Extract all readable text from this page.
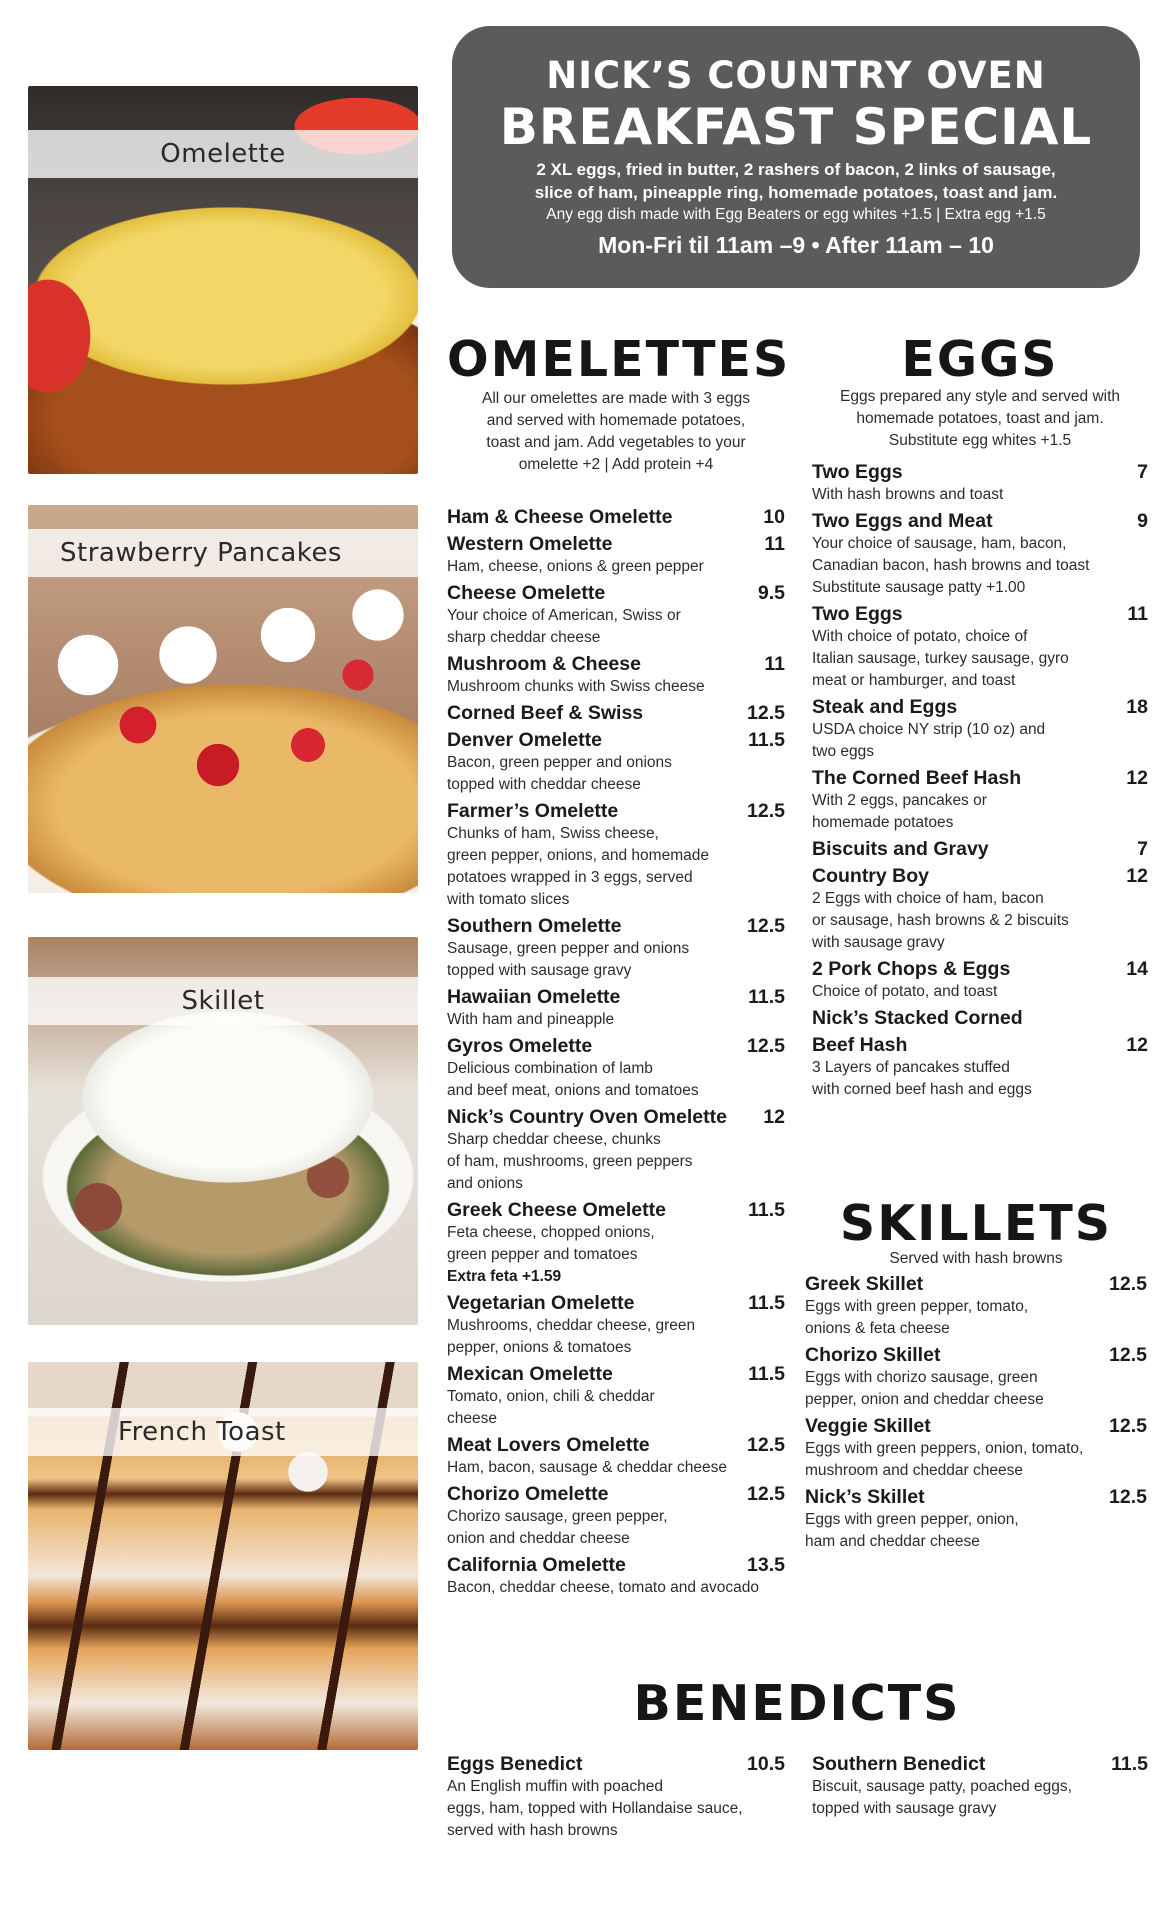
Omelette
Strawberry Pancakes
Skillet
French Toast
NICK’S COUNTRY OVEN
BREAKFAST SPECIAL
2 XL eggs, fried in butter, 2 rashers of bacon, 2 links of sausage,
slice of ham, pineapple ring, homemade potatoes, toast and jam.
Any egg dish made with Egg Beaters or egg whites +1.5 | Extra egg +1.5
Mon-Fri til 11am –9 • After 11am – 10
OMELETTES
All our omelettes are made with 3 eggs
and served with homemade potatoes,
toast and jam. Add vegetables to your
omelette +2 | Add protein +4
Ham & Cheese Omelette	10
Western Omelette	11
Ham, cheese, onions & green pepper
Cheese Omelette	9.5
Your choice of American, Swiss or
sharp cheddar cheese
Mushroom & Cheese	11
Mushroom chunks with Swiss cheese
Corned Beef & Swiss	12.5
Denver Omelette	11.5
Bacon, green pepper and onions
topped with cheddar cheese
Farmer’s Omelette	12.5
Chunks of ham, Swiss cheese,
green pepper, onions, and homemade
potatoes wrapped in 3 eggs, served
with tomato slices
Southern Omelette	12.5
Sausage, green pepper and onions
topped with sausage gravy
Hawaiian Omelette	11.5
With ham and pineapple
Gyros Omelette	12.5
Delicious combination of lamb
and beef meat, onions and tomatoes
Nick’s Country Oven Omelette 12
Sharp cheddar cheese, chunks
of ham, mushrooms, green peppers
and onions
Greek Cheese Omelette	11.5
Feta cheese, chopped onions,
green pepper and tomatoes
Extra feta +1.59
Vegetarian Omelette	11.5
Mushrooms, cheddar cheese, green
pepper, onions & tomatoes
Mexican Omelette	11.5
Tomato, onion, chili & cheddar
cheese
Meat Lovers Omelette	12.5
Ham, bacon, sausage & cheddar cheese
Chorizo Omelette	12.5
Chorizo sausage, green pepper,
onion and cheddar cheese
California Omelette	13.5
Bacon, cheddar cheese, tomato and avocado
EGGS
Eggs prepared any style and served with
homemade potatoes, toast and jam.
Substitute egg whites +1.5
Two Eggs	7
With hash browns and toast
Two Eggs and Meat	9
Your choice of sausage, ham, bacon,
Canadian bacon, hash browns and toast
Substitute sausage patty +1.00
Two Eggs	11
With choice of potato, choice of
Italian sausage, turkey sausage, gyro
meat or hamburger, and toast
Steak and Eggs	18
USDA choice NY strip (10 oz) and
two eggs
The Corned Beef Hash	12
With 2 eggs, pancakes or
homemade potatoes
Biscuits and Gravy	7
Country Boy	12
2 Eggs with choice of ham, bacon
or sausage, hash browns & 2 biscuits
with sausage gravy
2 Pork Chops & Eggs	14
Choice of potato, and toast
Nick’s Stacked Corned
Beef Hash	12
3 Layers of pancakes stuffed
with corned beef hash and eggs
SKILLETS
Served with hash browns
Greek Skillet	12.5
Eggs with green pepper, tomato,
onions & feta cheese
Chorizo Skillet	12.5
Eggs with chorizo sausage, green
pepper, onion and cheddar cheese
Veggie Skillet	12.5
Eggs with green peppers, onion, tomato,
mushroom and cheddar cheese
Nick’s Skillet	12.5
Eggs with green pepper, onion,
ham and cheddar cheese
BENEDICTS
Eggs Benedict	10.5
An English muffin with poached
eggs, ham, topped with Hollandaise sauce,
served with hash browns
Southern Benedict	11.5
Biscuit, sausage patty, poached eggs,
topped with sausage gravy
